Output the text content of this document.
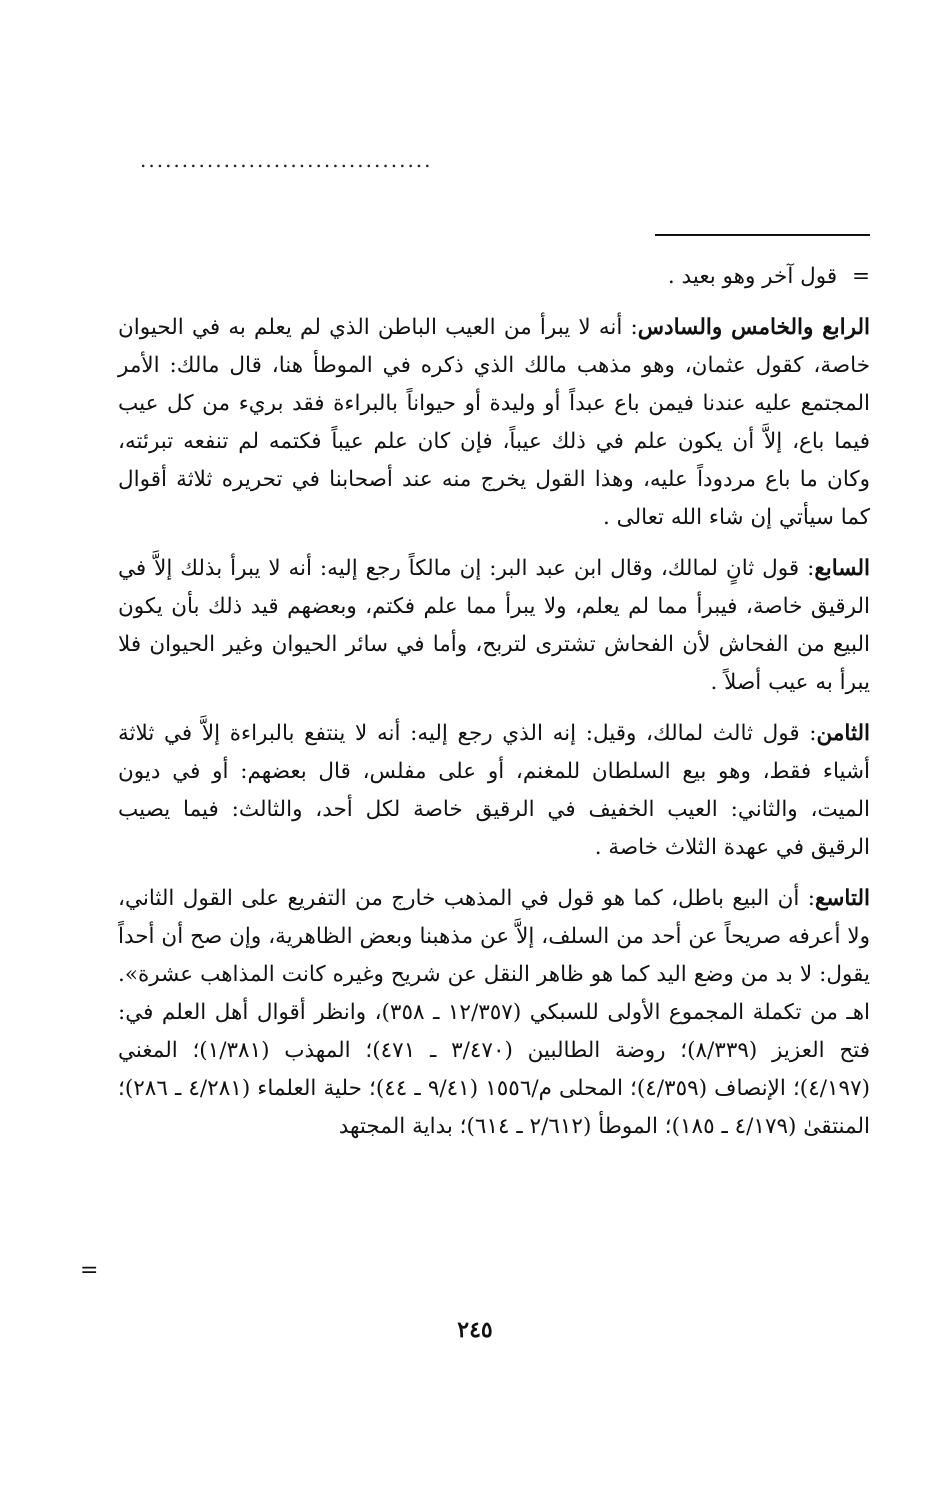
...................................

= قول آخر وهو بعيد .

الرابع والخامس والسادس: أنه لا يبرأ من العيب الباطن الذي لم يعلم به في الحيوان خاصة، كقول عثمان، وهو مذهب مالك الذي ذكره في الموطأ هنا، قال مالك: الأمر المجتمع عليه عندنا فيمن باع عبداً أو وليدة أو حيواناً بالبراءة فقد بريء من كل عيب فيما باع، إلاَّ أن يكون علم في ذلك عيباً، فإن كان علم عيباً فكتمه لم تنفعه تبرئته، وكان ما باع مردوداً عليه، وهذا القول يخرج منه عند أصحابنا في تحريره ثلاثة أقوال كما سيأتي إن شاء الله تعالى .

السابع: قول ثانٍ لمالك، وقال ابن عبد البر: إن مالكاً رجع إليه: أنه لا يبرأ بذلك إلاَّ في الرقيق خاصة، فيبرأ مما لم يعلم، ولا يبرأ مما علم فكتم، وبعضهم قيد ذلك بأن يكون البيع من الفحاش لأن الفحاش تشترى لتربح، وأما في سائر الحيوان وغير الحيوان فلا يبرأ به عيب أصلاً .

الثامن: قول ثالث لمالك، وقيل: إنه الذي رجع إليه: أنه لا ينتفع بالبراءة إلاَّ في ثلاثة أشياء فقط، وهو بيع السلطان للمغنم، أو على مفلس، قال بعضهم: أو في ديون الميت، والثاني: العيب الخفيف في الرقيق خاصة لكل أحد، والثالث: فيما يصيب الرقيق في عهدة الثلاث خاصة .

التاسع: أن البيع باطل، كما هو قول في المذهب خارج من التفريع على القول الثاني، ولا أعرفه صريحاً عن أحد من السلف، إلاَّ عن مذهبنا وبعض الظاهرية، وإن صح أن أحداً يقول: لا بد من وضع اليد كما هو ظاهر النقل عن شريح وغيره كانت المذاهب عشرة». اهـ من تكملة المجموع الأولى للسبكي (١٢/٣٥٧ ـ ٣٥٨)، وانظر أقوال أهل العلم في: فتح العزيز (٨/٣٣٩)؛ روضة الطالبين (٣/٤٧٠ ـ ٤٧١)؛ المهذب (١/٣٨١)؛ المغني (٤/١٩٧)؛ الإنصاف (٤/٣٥٩)؛ المحلى م/١٥٥٦ (٩/٤١ ـ ٤٤)؛ حلية العلماء (٤/٢٨١ ـ ٢٨٦)؛ المنتقىٰ (٤/١٧٩ ـ ١٨٥)؛ الموطأ (٢/٦١٢ ـ ٦١٤)؛ بداية المجتهد

=
٢٤٥
